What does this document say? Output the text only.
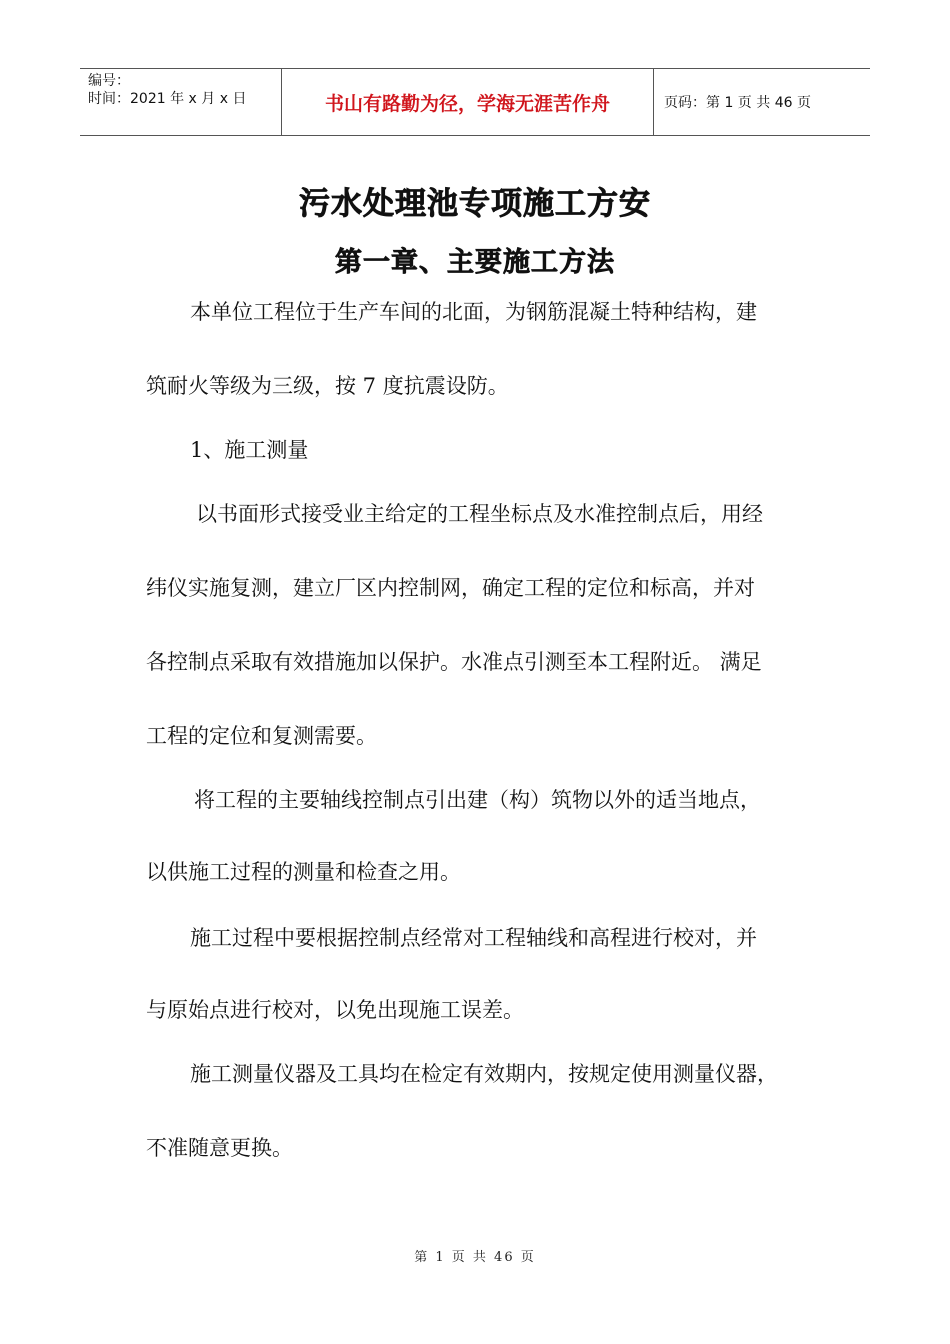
编号：
时间：2021 年 x 月 x 日	书山有路勤为径，学海无涯苦作舟	页码：第 1 页 共 46 页
污水处理池专项施工方安
第一章、主要施工方法
本单位工程位于生产车间的北面，为钢筋混凝土特种结构，建
筑耐火等级为三级，按 7 度抗震设防。
1、施工测量
以书面形式接受业主给定的工程坐标点及水准控制点后，用经
纬仪实施复测，建立厂区内控制网，确定工程的定位和标高，并对
各控制点采取有效措施加以保护。水准点引测至本工程附近。 满足
工程的定位和复测需要。
将工程的主要轴线控制点引出建（构）筑物以外的适当地点，
以供施工过程的测量和检查之用。
施工过程中要根据控制点经常对工程轴线和高程进行校对，并
与原始点进行校对，以免出现施工误差。
施工测量仪器及工具均在检定有效期内，按规定使用测量仪器，
不准随意更换。
第 1 页 共 46 页
